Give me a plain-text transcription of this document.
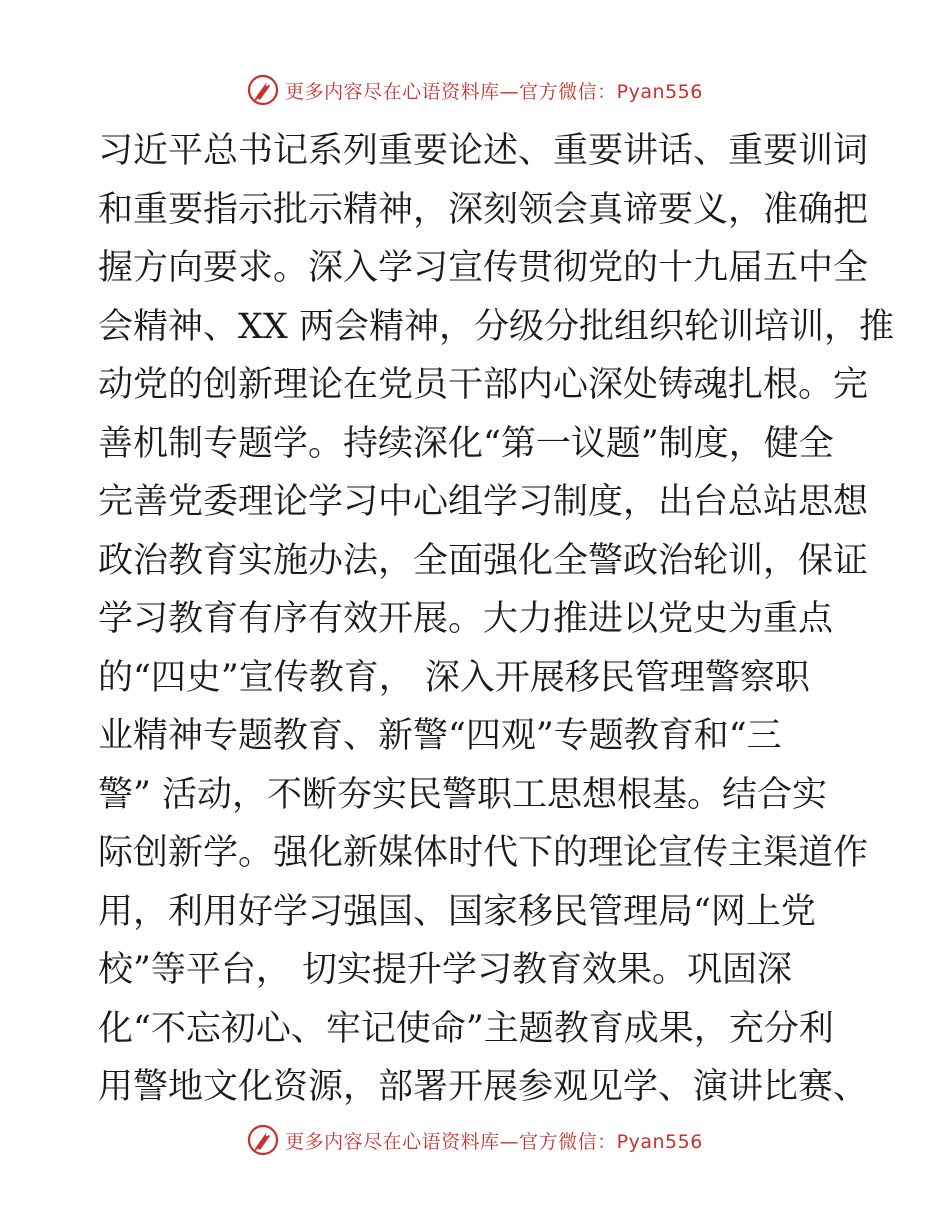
更多内容尽在心语资料库—官方微信：Pyan556
习近平总书记系列重要论述、重要讲话、重要训词
和重要指示批示精神，深刻领会真谛要义，准确把
握方向要求。深入学习宣传贯彻党的十九届五中全
会精神、XX 两会精神，分级分批组织轮训培训，推
动党的创新理论在党员干部内心深处铸魂扎根。完
善机制专题学。持续深化“第一议题”制度，健全
完善党委理论学习中心组学习制度，出台总站思想
政治教育实施办法，全面强化全警政治轮训，保证
学习教育有序有效开展。大力推进以党史为重点
的“四史”宣传教育， 深入开展移民管理警察职
业精神专题教育、新警“四观”专题教育和“三
警” 活动，不断夯实民警职工思想根基。结合实
际创新学。强化新媒体时代下的理论宣传主渠道作
用，利用好学习强国、国家移民管理局“网上党
校”等平台， 切实提升学习教育效果。巩固深
化“不忘初心、牢记使命”主题教育成果，充分利
用警地文化资源，部署开展参观见学、演讲比赛、
更多内容尽在心语资料库—官方微信：Pyan556
